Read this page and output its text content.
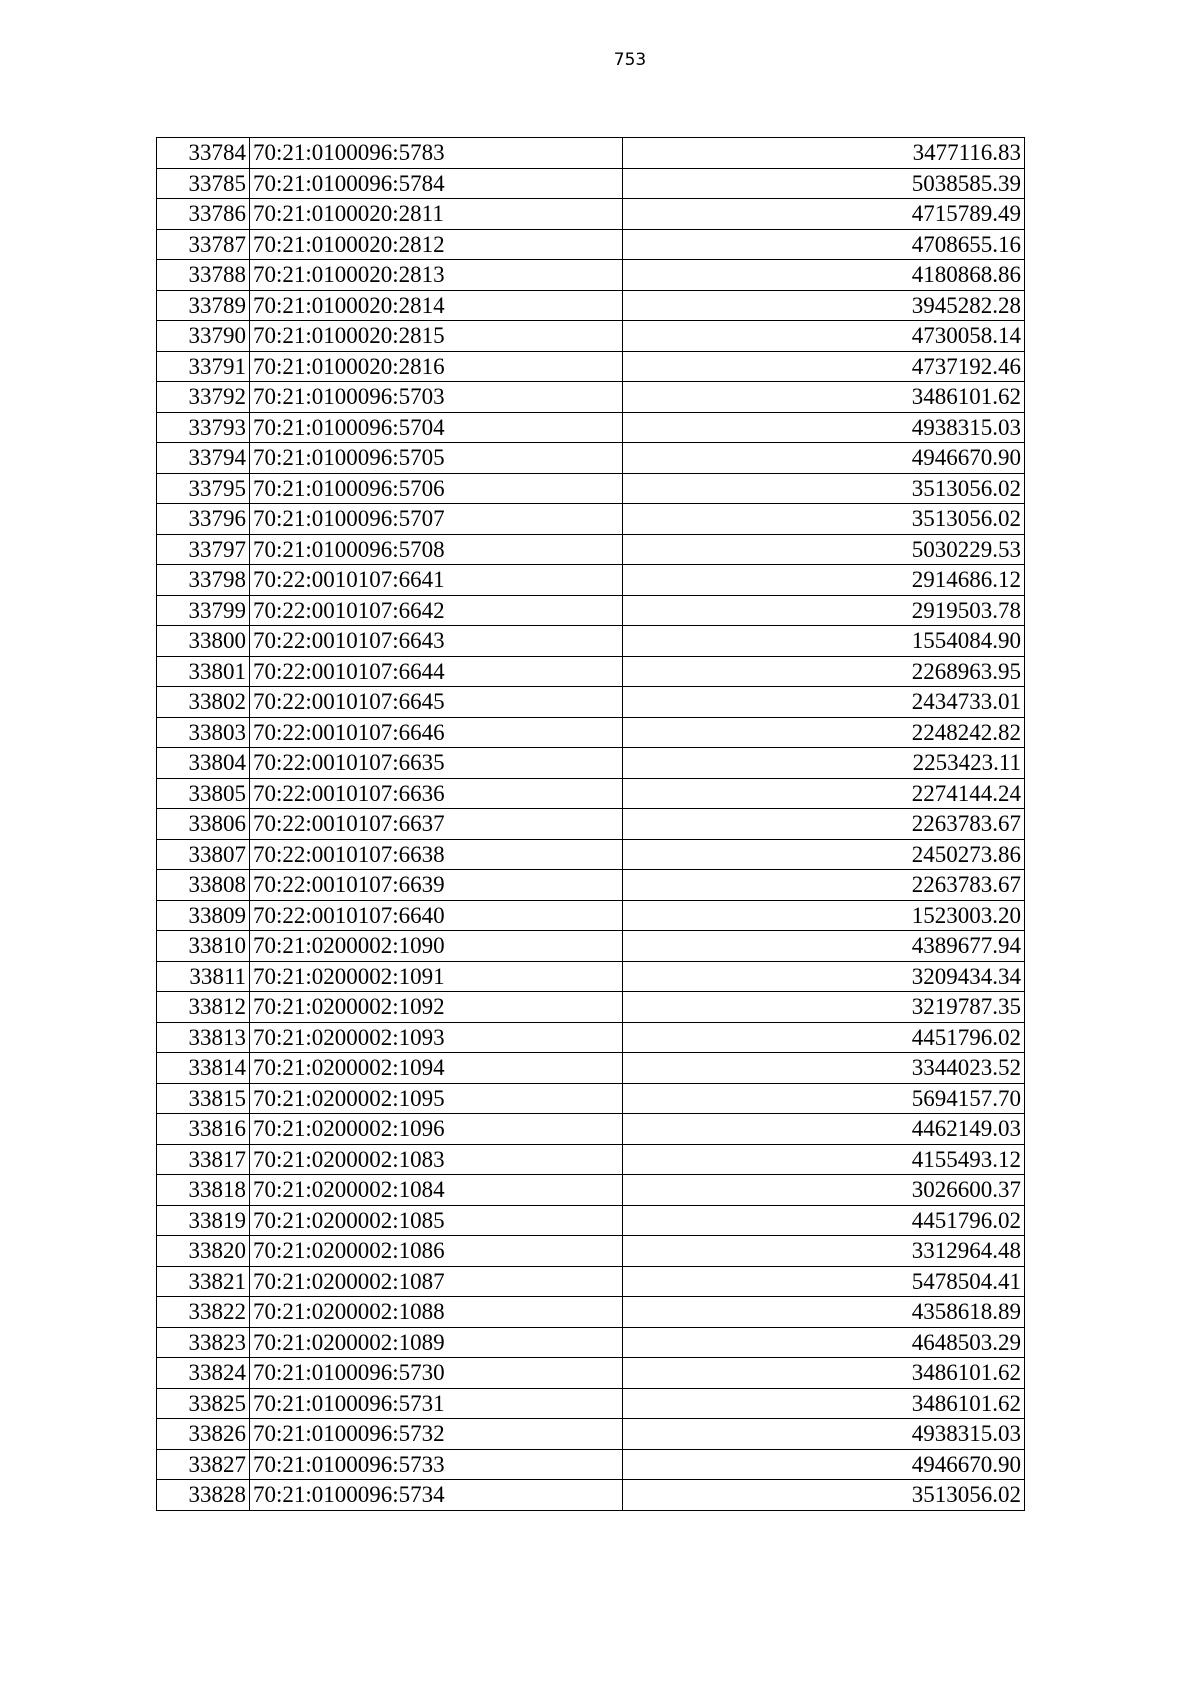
753
33784	70:21:0100096:5783	3477116.83
33785	70:21:0100096:5784	5038585.39
33786	70:21:0100020:2811	4715789.49
33787	70:21:0100020:2812	4708655.16
33788	70:21:0100020:2813	4180868.86
33789	70:21:0100020:2814	3945282.28
33790	70:21:0100020:2815	4730058.14
33791	70:21:0100020:2816	4737192.46
33792	70:21:0100096:5703	3486101.62
33793	70:21:0100096:5704	4938315.03
33794	70:21:0100096:5705	4946670.90
33795	70:21:0100096:5706	3513056.02
33796	70:21:0100096:5707	3513056.02
33797	70:21:0100096:5708	5030229.53
33798	70:22:0010107:6641	2914686.12
33799	70:22:0010107:6642	2919503.78
33800	70:22:0010107:6643	1554084.90
33801	70:22:0010107:6644	2268963.95
33802	70:22:0010107:6645	2434733.01
33803	70:22:0010107:6646	2248242.82
33804	70:22:0010107:6635	2253423.11
33805	70:22:0010107:6636	2274144.24
33806	70:22:0010107:6637	2263783.67
33807	70:22:0010107:6638	2450273.86
33808	70:22:0010107:6639	2263783.67
33809	70:22:0010107:6640	1523003.20
33810	70:21:0200002:1090	4389677.94
33811	70:21:0200002:1091	3209434.34
33812	70:21:0200002:1092	3219787.35
33813	70:21:0200002:1093	4451796.02
33814	70:21:0200002:1094	3344023.52
33815	70:21:0200002:1095	5694157.70
33816	70:21:0200002:1096	4462149.03
33817	70:21:0200002:1083	4155493.12
33818	70:21:0200002:1084	3026600.37
33819	70:21:0200002:1085	4451796.02
33820	70:21:0200002:1086	3312964.48
33821	70:21:0200002:1087	5478504.41
33822	70:21:0200002:1088	4358618.89
33823	70:21:0200002:1089	4648503.29
33824	70:21:0100096:5730	3486101.62
33825	70:21:0100096:5731	3486101.62
33826	70:21:0100096:5732	4938315.03
33827	70:21:0100096:5733	4946670.90
33828	70:21:0100096:5734	3513056.02
